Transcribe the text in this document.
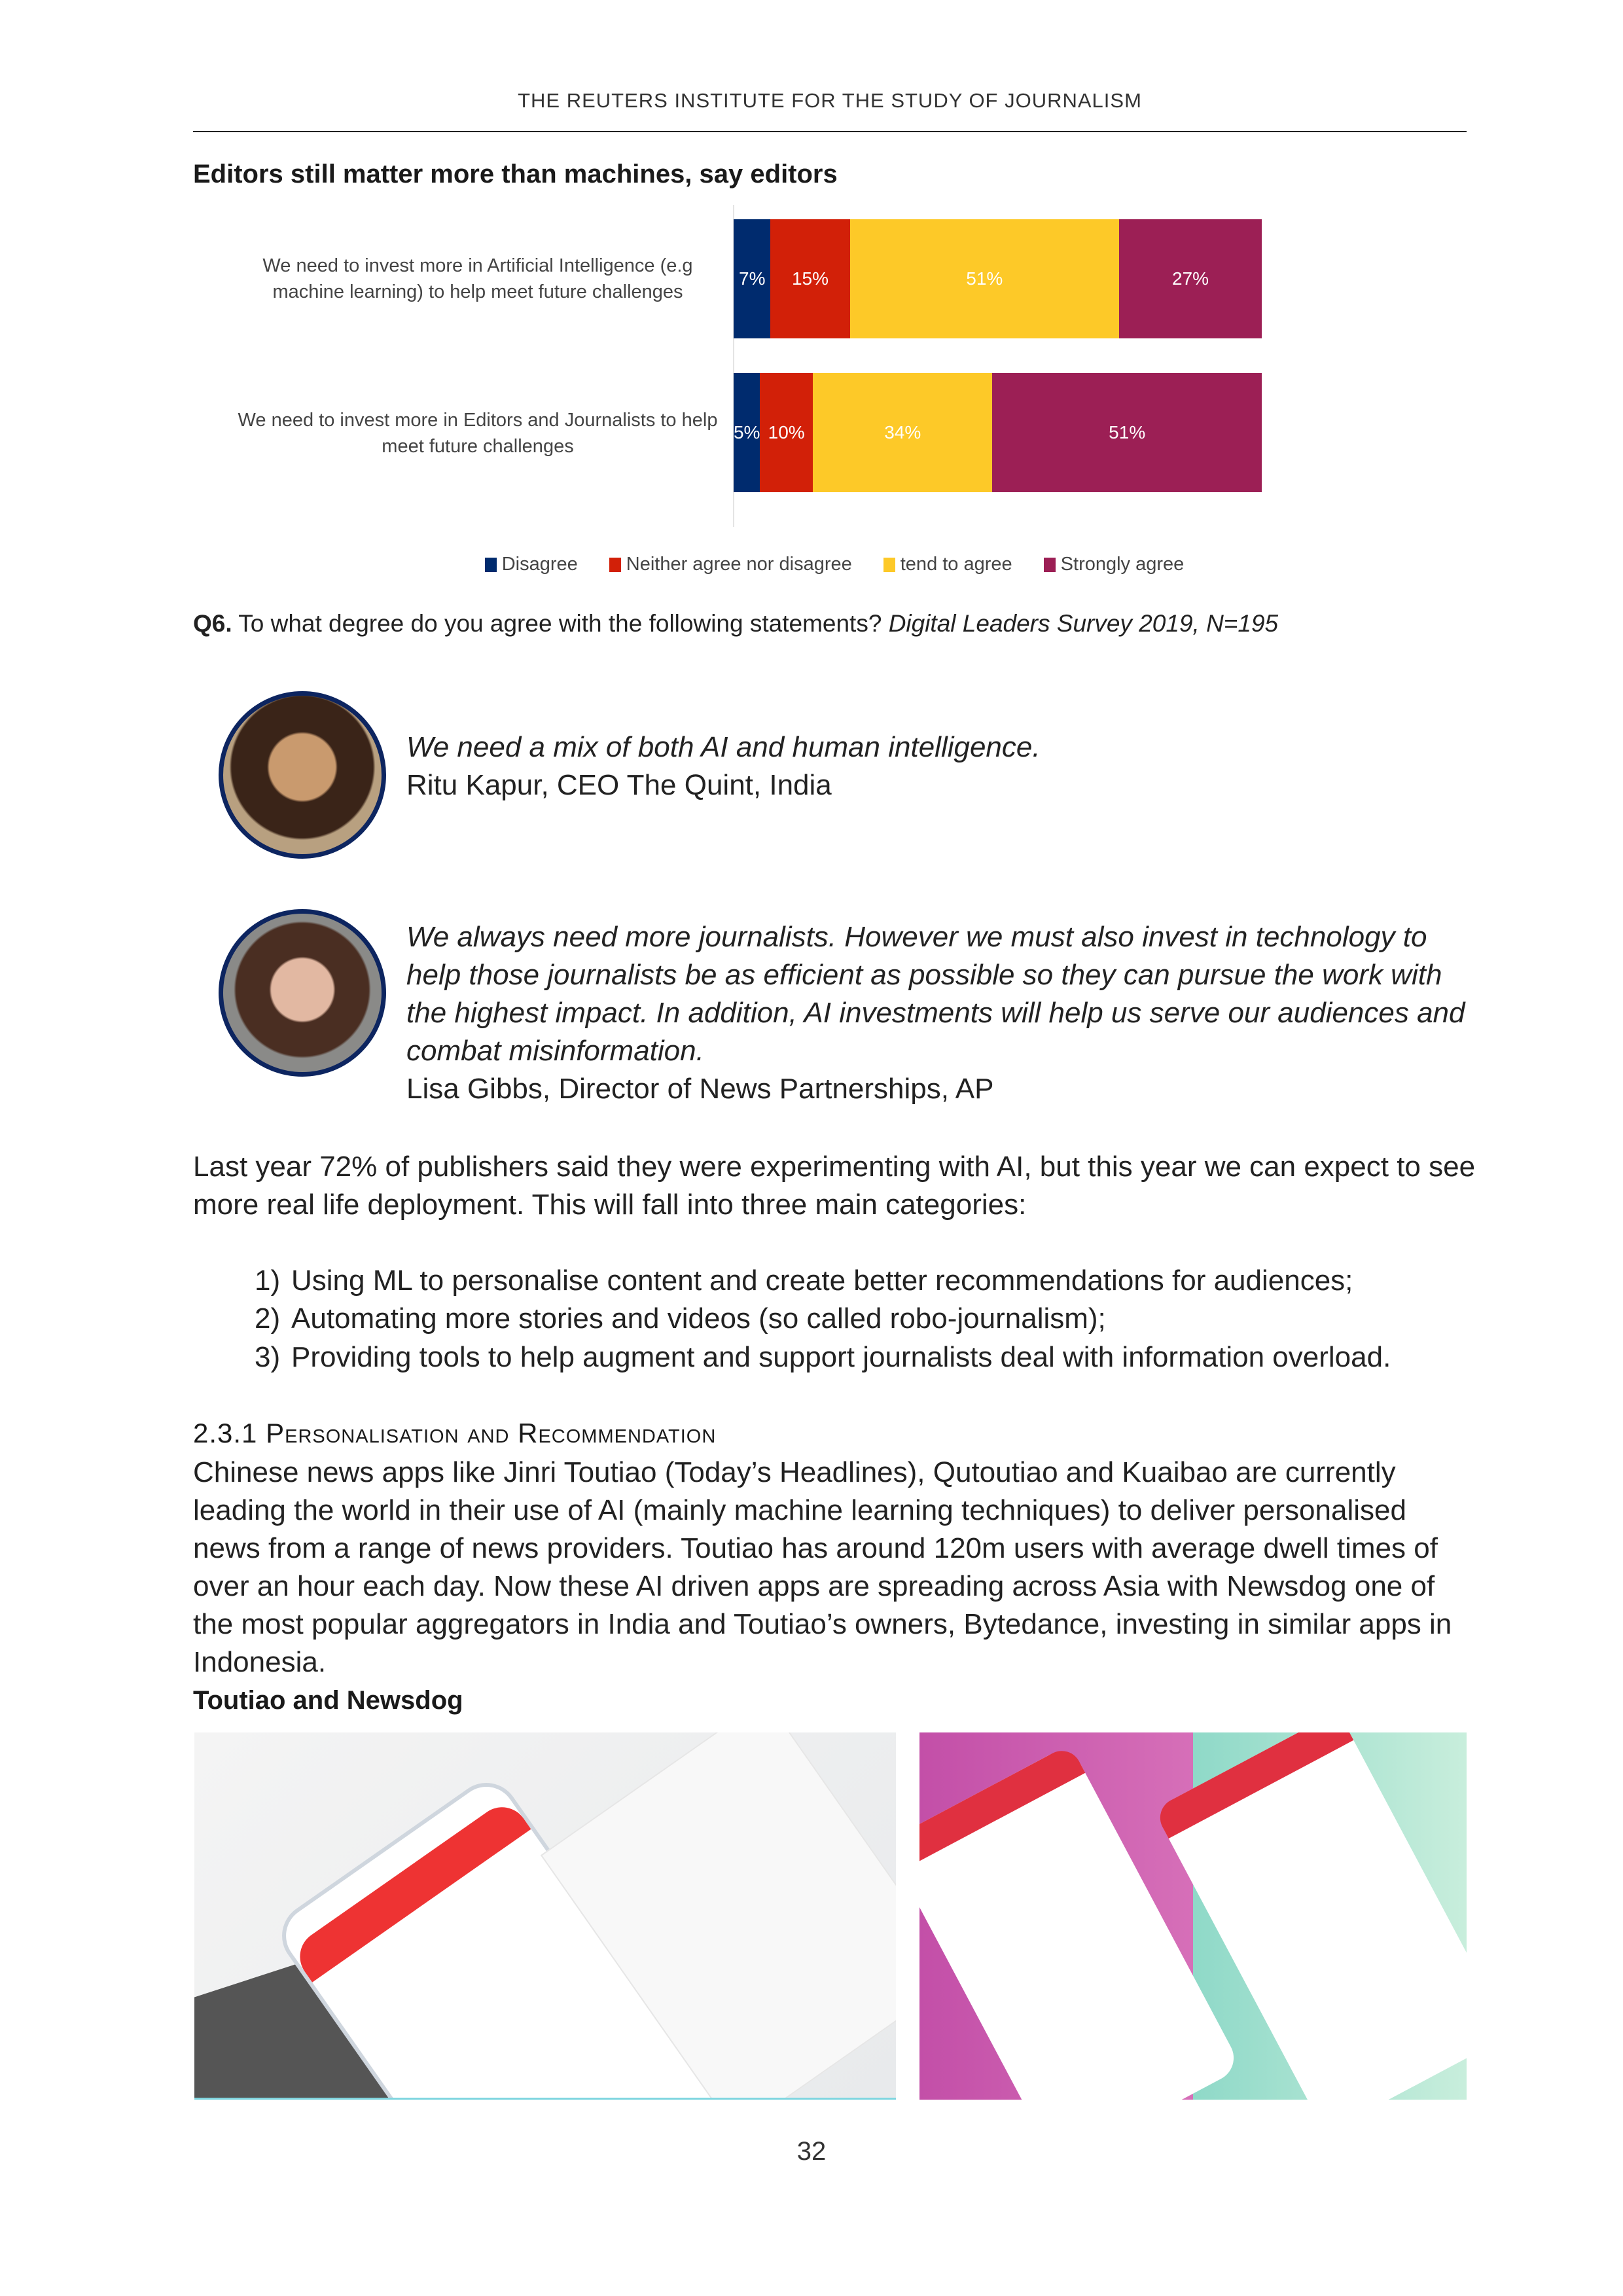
THE REUTERS INSTITUTE FOR THE STUDY OF JOURNALISM
Editors still matter more than machines, say editors
We need to invest more in Artificial Intelligence (e.g machine learning) to help meet future challenges
We need to invest more in Editors and Journalists to help meet future challenges
7% 15%	51%	27%
5% 10%	34%	51%
Disagree	Neither agree nor disagree	tend to agree	Strongly agree
Q6. To what degree do you agree with the following statements? Digital Leaders Survey 2019, N=195
We need a mix of both AI and human intelligence.
Ritu Kapur, CEO The Quint, India
We always need more journalists. However we must also invest in technology to help those journalists be as efficient as possible so they can pursue the work with the highest impact. In addition, AI investments will help us serve our audiences and combat misinformation.
Lisa Gibbs, Director of News Partnerships, AP
Last year 72% of publishers said they were experimenting with AI, but this year we can expect to see more real life deployment. This will fall into three main categories:
1) Using ML to personalise content and create better recommendations for audiences;
2) Automating more stories and videos (so called robo-journalism);
3) Providing tools to help augment and support journalists deal with information overload.
2.3.1 Personalisation and Recommendation
Chinese news apps like Jinri Toutiao (Today’s Headlines), Qutoutiao and Kuaibao are currently leading the world in their use of AI (mainly machine learning techniques) to deliver personalised news from a range of news providers. Toutiao has around 120m users with average dwell times of over an hour each day. Now these AI driven apps are spreading across Asia with Newsdog one of the most popular aggregators in India and Toutiao’s owners, Bytedance, investing in similar apps in Indonesia.
Toutiao and Newsdog
32
